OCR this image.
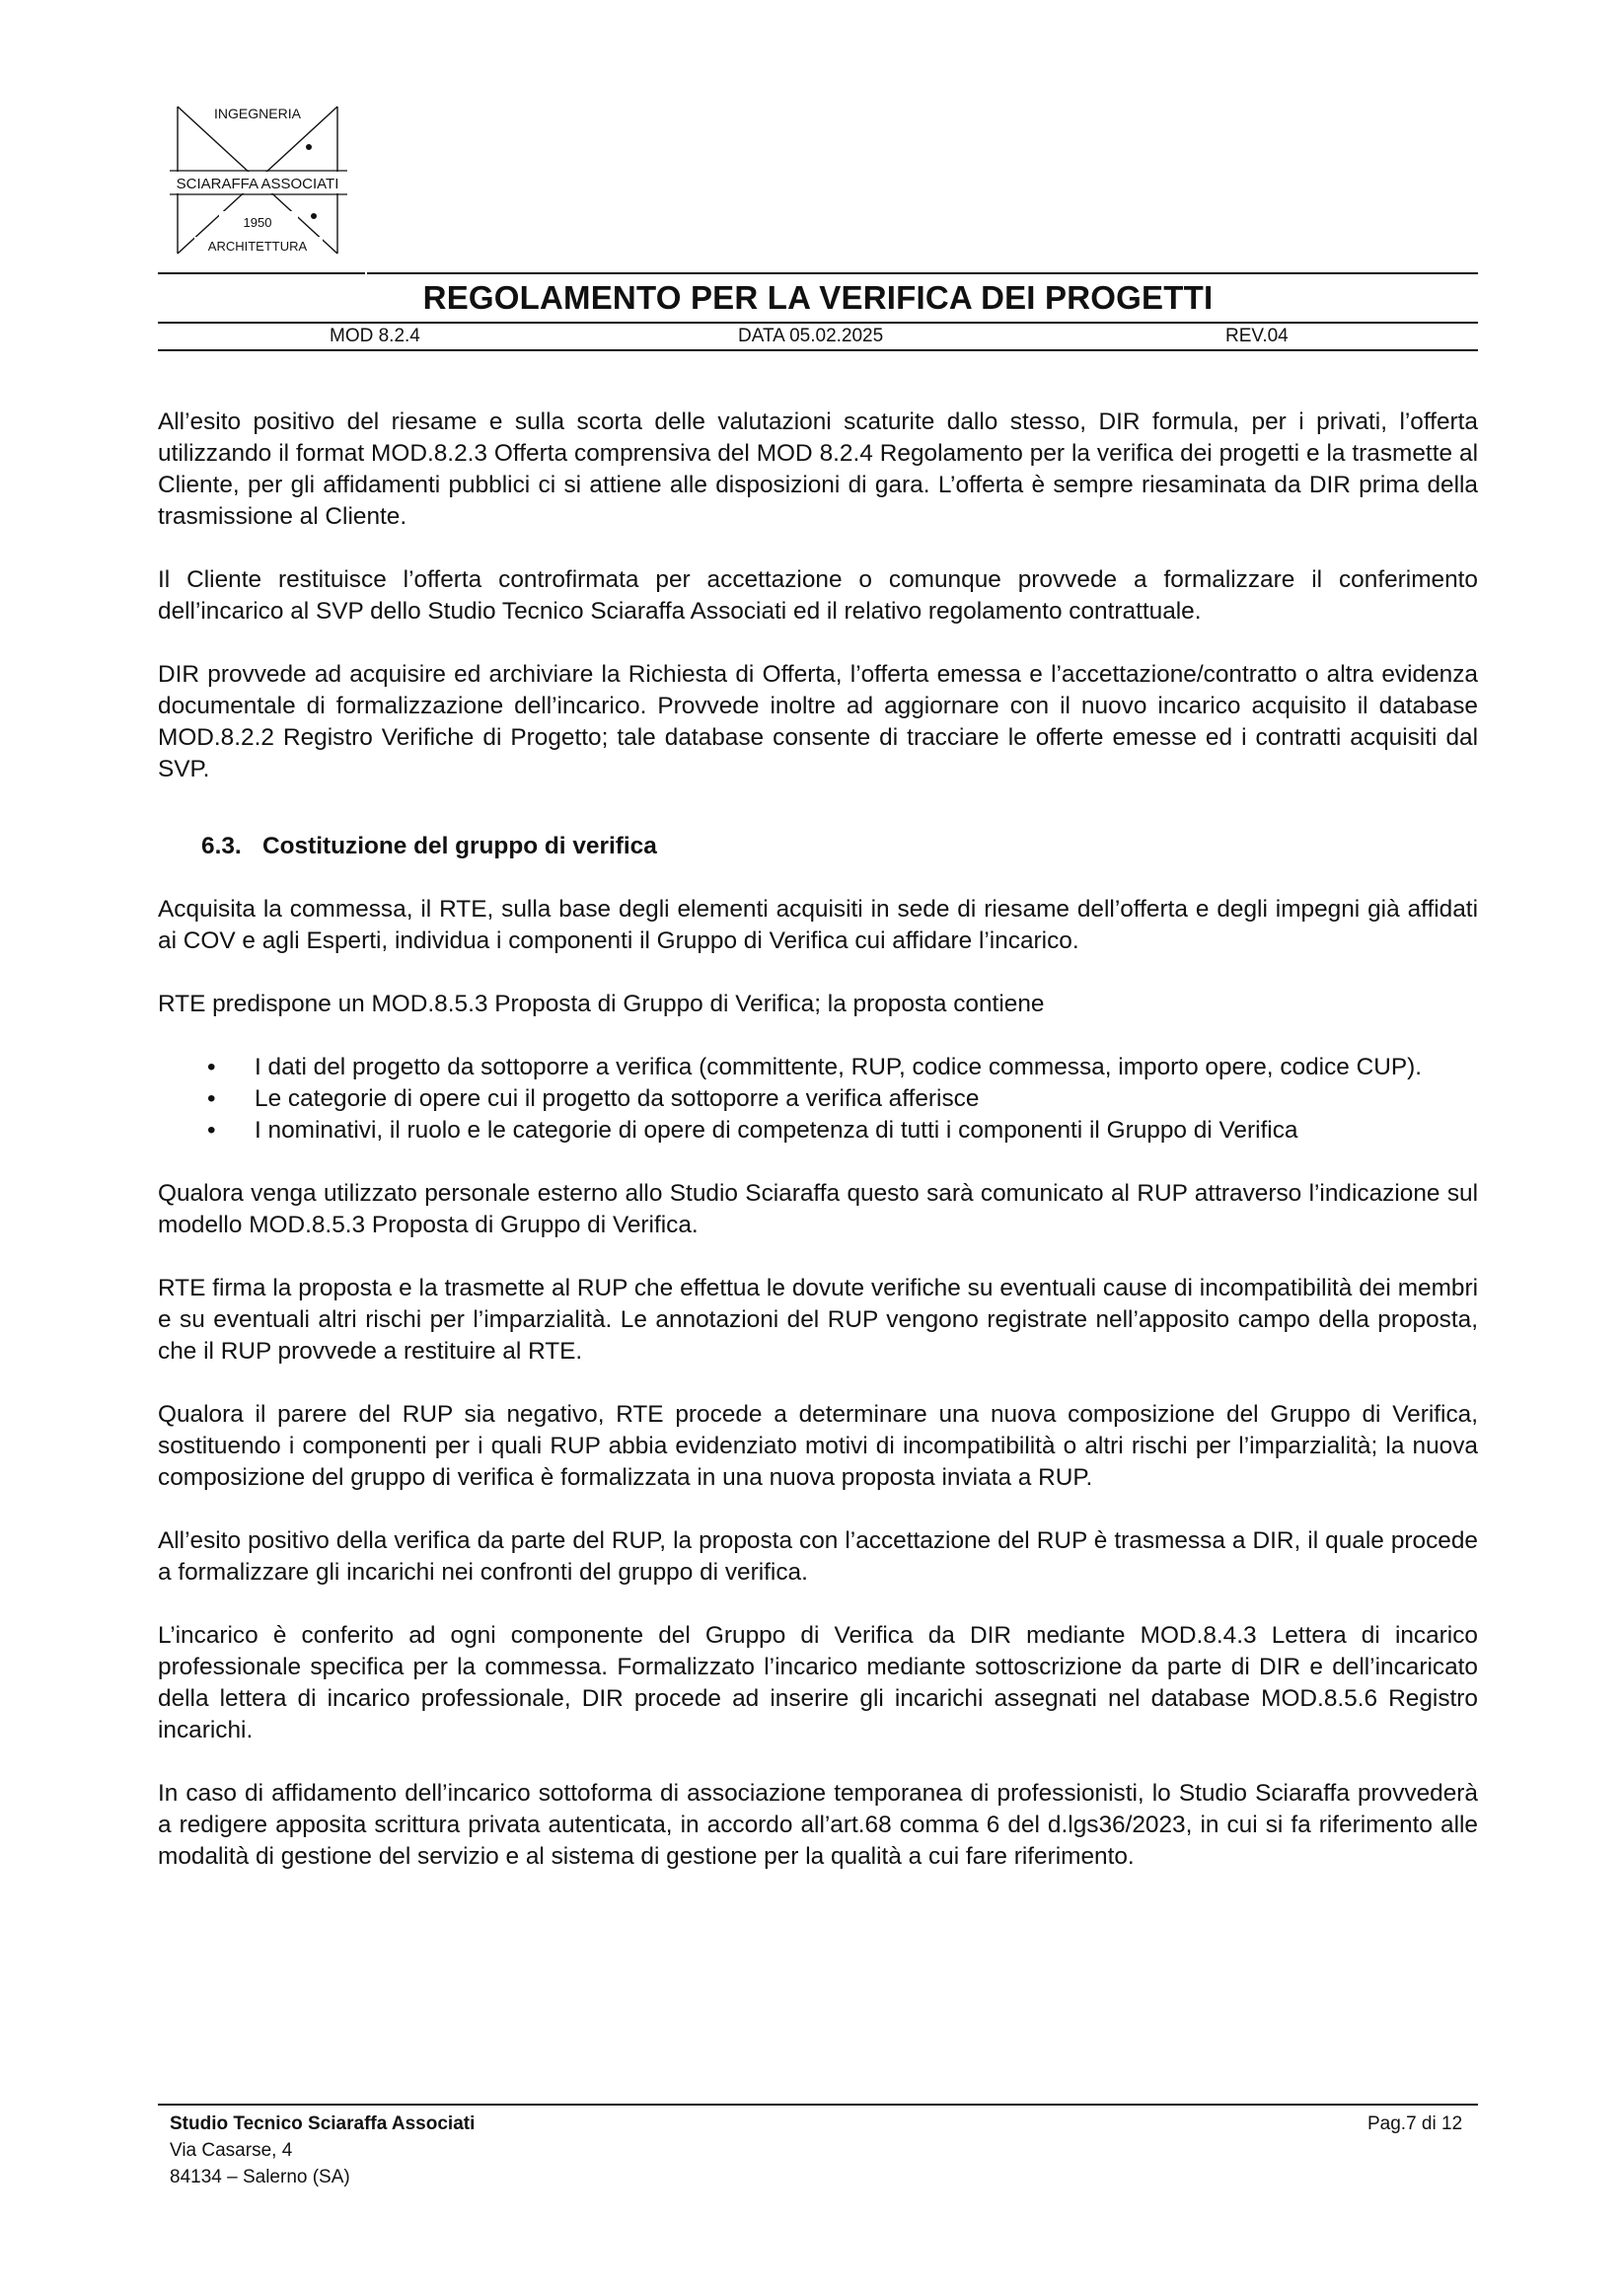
INGEGNERIA
SCIARAFFA ASSOCIATI
1950
ARCHITETTURA
REGOLAMENTO PER LA VERIFICA DEI PROGETTI
MOD 8.2.4	DATA 05.02.2025	REV.04

All’esito positivo del riesame e sulla scorta delle valutazioni scaturite dallo stesso, DIR formula, per i privati, l’offerta utilizzando il format MOD.8.2.3 Offerta comprensiva del MOD 8.2.4 Regolamento per la verifica dei progetti e la trasmette al Cliente, per gli affidamenti pubblici ci si attiene alle disposizioni di gara. L’offerta è sempre riesaminata da DIR prima della trasmissione al Cliente.

Il Cliente restituisce l’offerta controfirmata per accettazione o comunque provvede a formalizzare il conferimento dell’incarico al SVP dello Studio Tecnico Sciaraffa Associati ed il relativo regolamento contrattuale.

DIR provvede ad acquisire ed archiviare la Richiesta di Offerta, l’offerta emessa e l’accettazione/contratto o altra evidenza documentale di formalizzazione dell’incarico. Provvede inoltre ad aggiornare con il nuovo incarico acquisito il database MOD.8.2.2 Registro Verifiche di Progetto; tale database consente di tracciare le offerte emesse ed i contratti acquisiti dal SVP.

6.3. Costituzione del gruppo di verifica

Acquisita la commessa, il RTE, sulla base degli elementi acquisiti in sede di riesame dell’offerta e degli impegni già affidati ai COV e agli Esperti, individua i componenti il Gruppo di Verifica cui affidare l’incarico.

RTE predispone un MOD.8.5.3 Proposta di Gruppo di Verifica; la proposta contiene

• I dati del progetto da sottoporre a verifica (committente, RUP, codice commessa, importo opere, codice CUP).
• Le categorie di opere cui il progetto da sottoporre a verifica afferisce
• I nominativi, il ruolo e le categorie di opere di competenza di tutti i componenti il Gruppo di Verifica

Qualora venga utilizzato personale esterno allo Studio Sciaraffa questo sarà comunicato al RUP attraverso l’indicazione sul modello MOD.8.5.3 Proposta di Gruppo di Verifica.

RTE firma la proposta e la trasmette al RUP che effettua le dovute verifiche su eventuali cause di incompatibilità dei membri e su eventuali altri rischi per l’imparzialità. Le annotazioni del RUP vengono registrate nell’apposito campo della proposta, che il RUP provvede a restituire al RTE.

Qualora il parere del RUP sia negativo, RTE procede a determinare una nuova composizione del Gruppo di Verifica, sostituendo i componenti per i quali RUP abbia evidenziato motivi di incompatibilità o altri rischi per l’imparzialità; la nuova composizione del gruppo di verifica è formalizzata in una nuova proposta inviata a RUP.

All’esito positivo della verifica da parte del RUP, la proposta con l’accettazione del RUP è trasmessa a DIR, il quale procede a formalizzare gli incarichi nei confronti del gruppo di verifica.

L’incarico è conferito ad ogni componente del Gruppo di Verifica da DIR mediante MOD.8.4.3 Lettera di incarico professionale specifica per la commessa. Formalizzato l’incarico mediante sottoscrizione da parte di DIR e dell’incaricato della lettera di incarico professionale, DIR procede ad inserire gli incarichi assegnati nel database MOD.8.5.6 Registro incarichi.

In caso di affidamento dell’incarico sottoforma di associazione temporanea di professionisti, lo Studio Sciaraffa provvederà a redigere apposita scrittura privata autenticata, in accordo all’art.68 comma 6 del d.lgs36/2023, in cui si fa riferimento alle modalità di gestione del servizio e al sistema di gestione per la qualità a cui fare riferimento.

Studio Tecnico Sciaraffa Associati
Via Casarse, 4
84134 – Salerno (SA)
Pag.7 di 12
